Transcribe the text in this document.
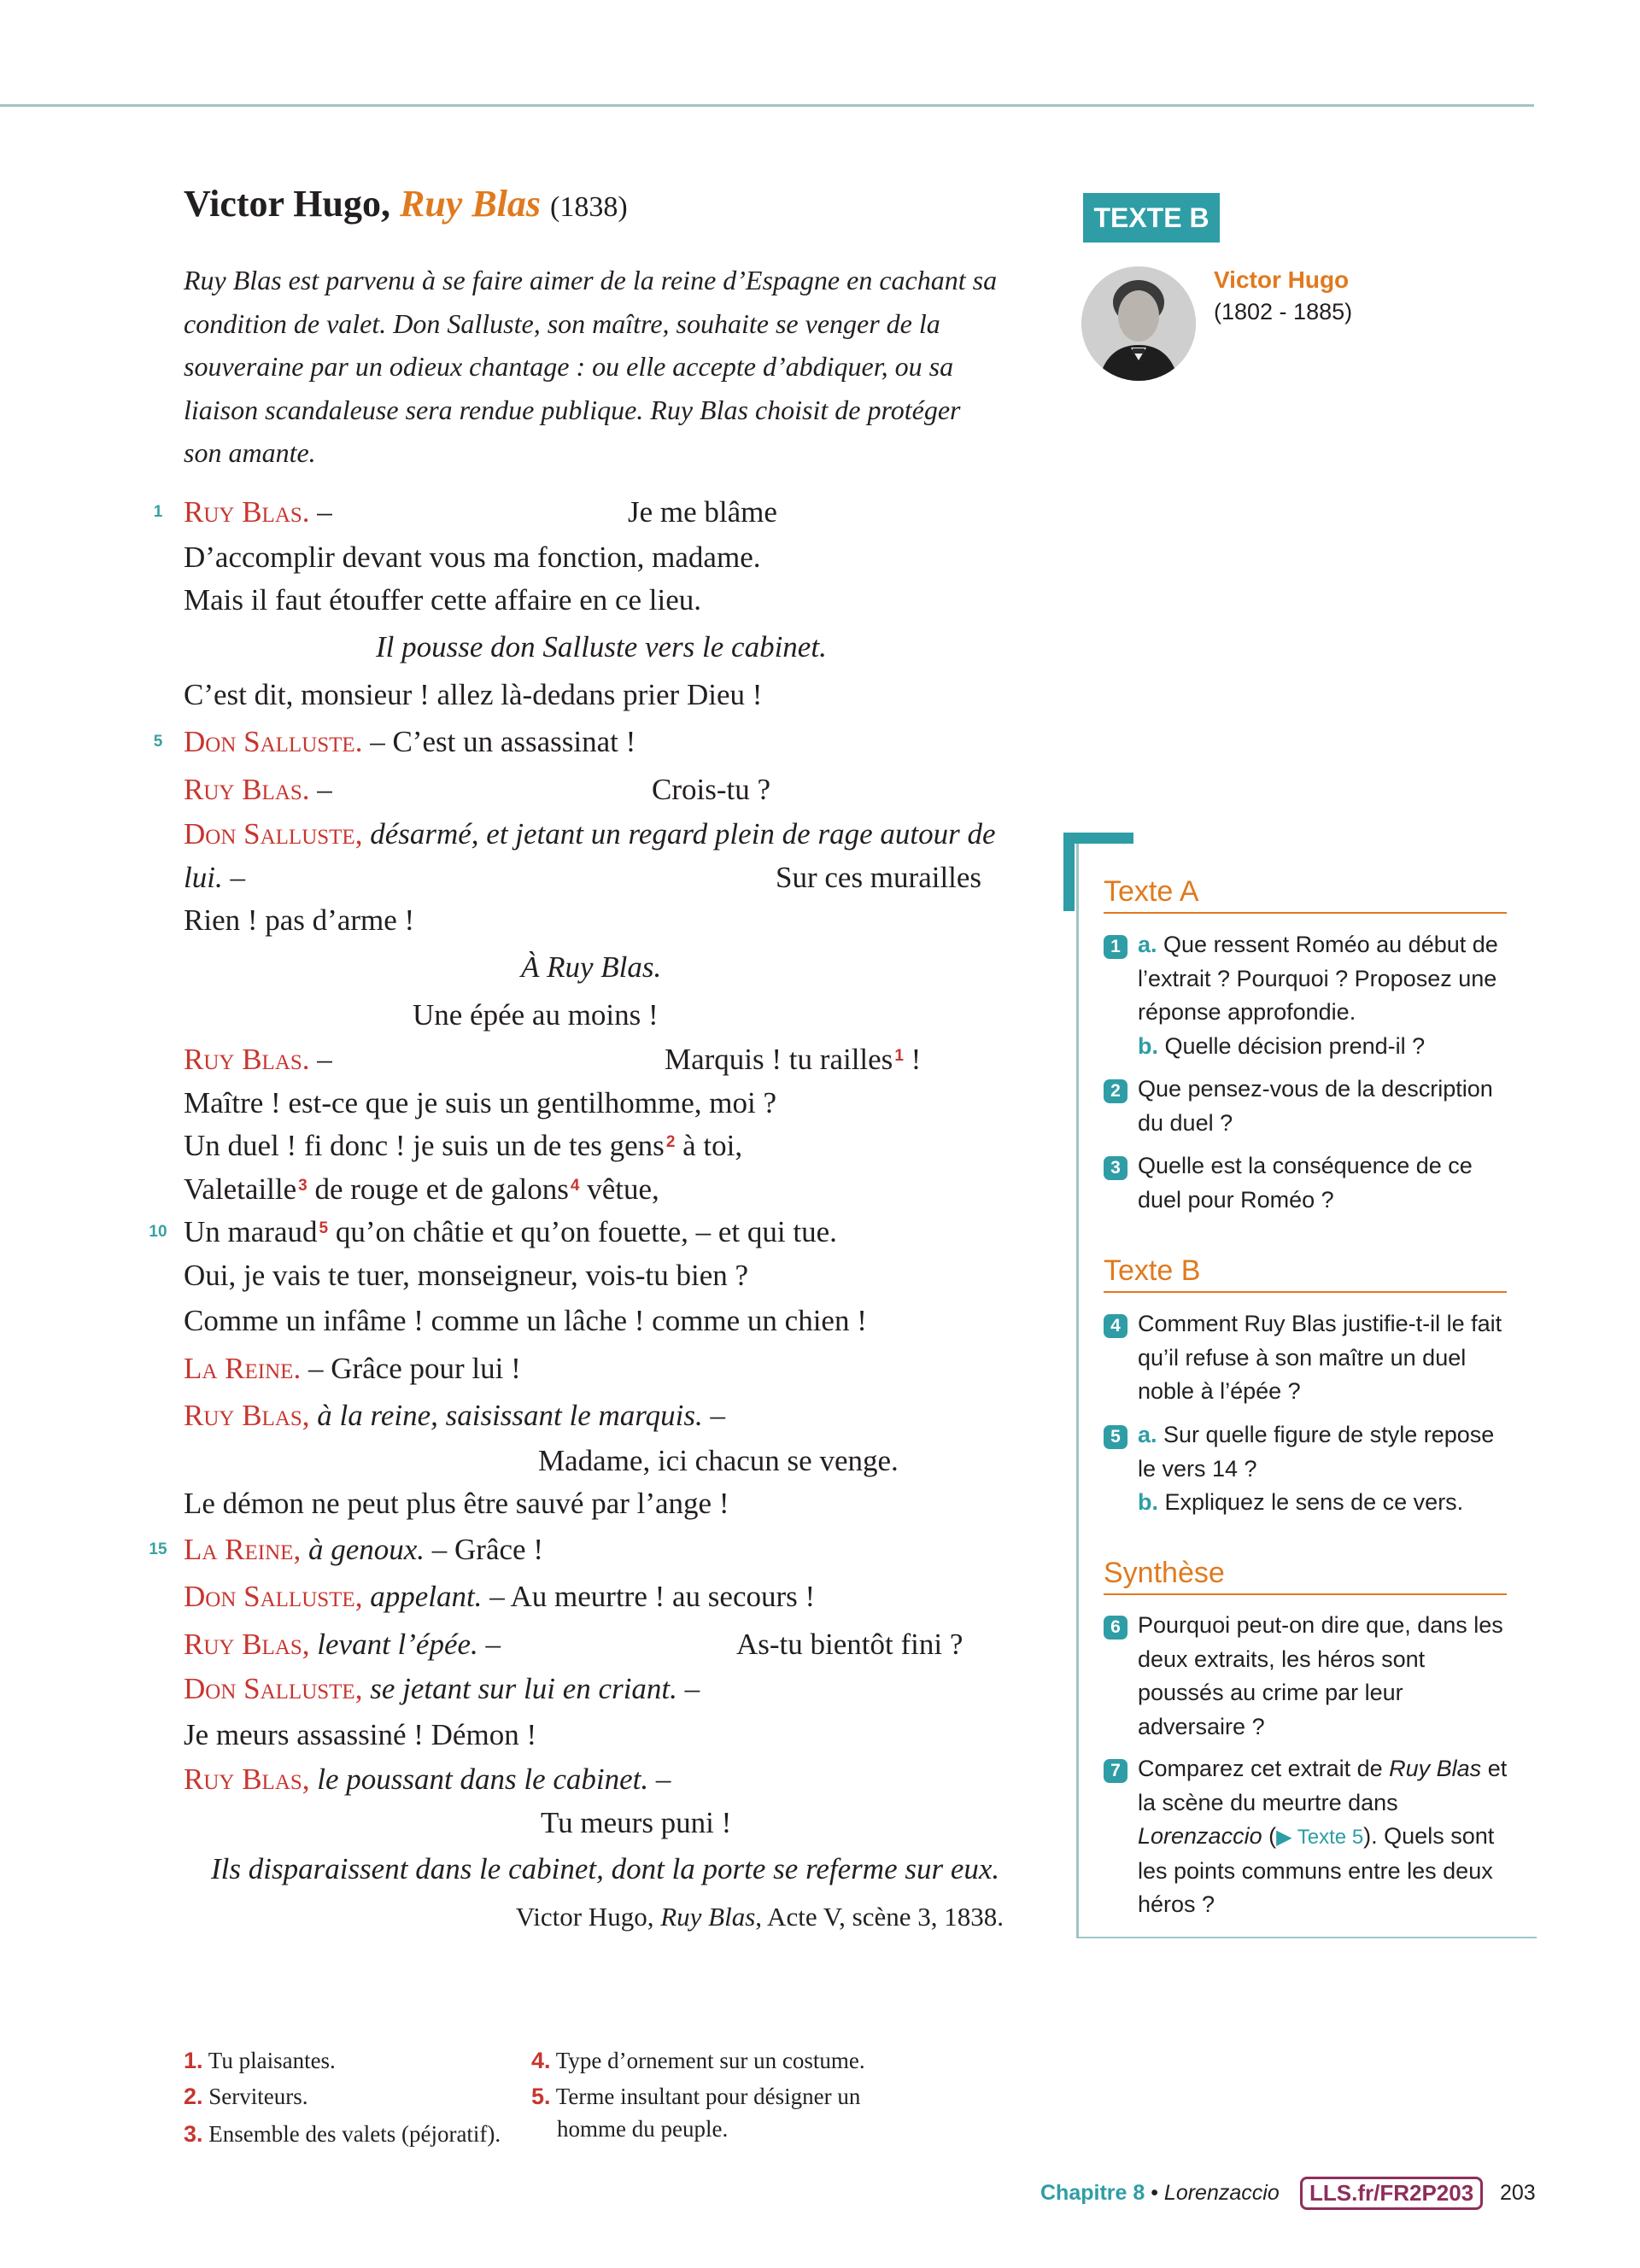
Victor Hugo, Ruy Blas (1838)
Ruy Blas est parvenu à se faire aimer de la reine d’Espagne en cachant sa condition de valet. Don Salluste, son maître, souhaite se venger de la souveraine par un odieux chantage : ou elle accepte d’abdiquer, ou sa liaison scandaleuse sera rendue publique. Ruy Blas choisit de protéger son amante.
1 Ruy Blas. –	Je me blâme
D’accomplir devant vous ma fonction, madame.
Mais il faut étouffer cette affaire en ce lieu.
Il pousse don Salluste vers le cabinet.
C’est dit, monsieur ! allez là-dedans prier Dieu !
5 Don Salluste. – C’est un assassinat !
Ruy Blas. –	Crois-tu ?
Don Salluste, désarmé, et jetant un regard plein de rage autour de
lui. –	Sur ces murailles
Rien ! pas d’arme !
À Ruy Blas.
Une épée au moins !
Ruy Blas. –	Marquis ! tu railles $^1$ !
Maître ! est-ce que je suis un gentilhomme, moi ?
Un duel ! fi donc ! je suis un de tes gens $^2$ à toi,
Valetaille $^3$ de rouge et de galons $^4$ vêtue,
10 Un maraud $^5$ qu’on châtie et qu’on fouette, – et qui tue.
Oui, je vais te tuer, monseigneur, vois-tu bien ?
Comme un infâme ! comme un lâche ! comme un chien !
La Reine. – Grâce pour lui !
Ruy Blas, à la reine, saisissant le marquis. –
Madame, ici chacun se venge.
Le démon ne peut plus être sauvé par l’ange !
15 La Reine, à genoux. – Grâce !
Don Salluste, appelant. – Au meurtre ! au secours !
Ruy Blas, levant l’épée. –	As-tu bientôt fini ?
Don Salluste, se jetant sur lui en criant. –
Je meurs assassiné ! Démon !
Ruy Blas, le poussant dans le cabinet. –
Tu meurs puni !
Ils disparaissent dans le cabinet, dont la porte se referme sur eux.
Victor Hugo, Ruy Blas, Acte V, scène 3, 1838.
1. Tu plaisantes.
2. Serviteurs.
3. Ensemble des valets (péjoratif).
4. Type d’ornement sur un costume.
5. Terme insultant pour désigner un
homme du peuple.
TEXTE B
Victor Hugo
(1802 - 1885)
Texte A
1 a. Que ressent Roméo au début de l’extrait ? Pourquoi ? Proposez une réponse approfondie.
b. Quelle décision prend-il ?
2 Que pensez-vous de la description du duel ?
3 Quelle est la conséquence de ce duel pour Roméo ?
Texte B
4 Comment Ruy Blas justifie-t-il le fait qu’il refuse à son maître un duel noble à l’épée ?
5 a. Sur quelle figure de style repose le vers 14 ?
b. Expliquez le sens de ce vers.
Synthèse
6 Pourquoi peut-on dire que, dans les deux extraits, les héros sont poussés au crime par leur adversaire ?
7 Comparez cet extrait de Ruy Blas et la scène du meurtre dans Lorenzaccio (▶ Texte 5). Quels sont les points communs entre les deux héros ?
Chapitre 8 • Lorenzaccio	LLS.fr/FR2P203	203
